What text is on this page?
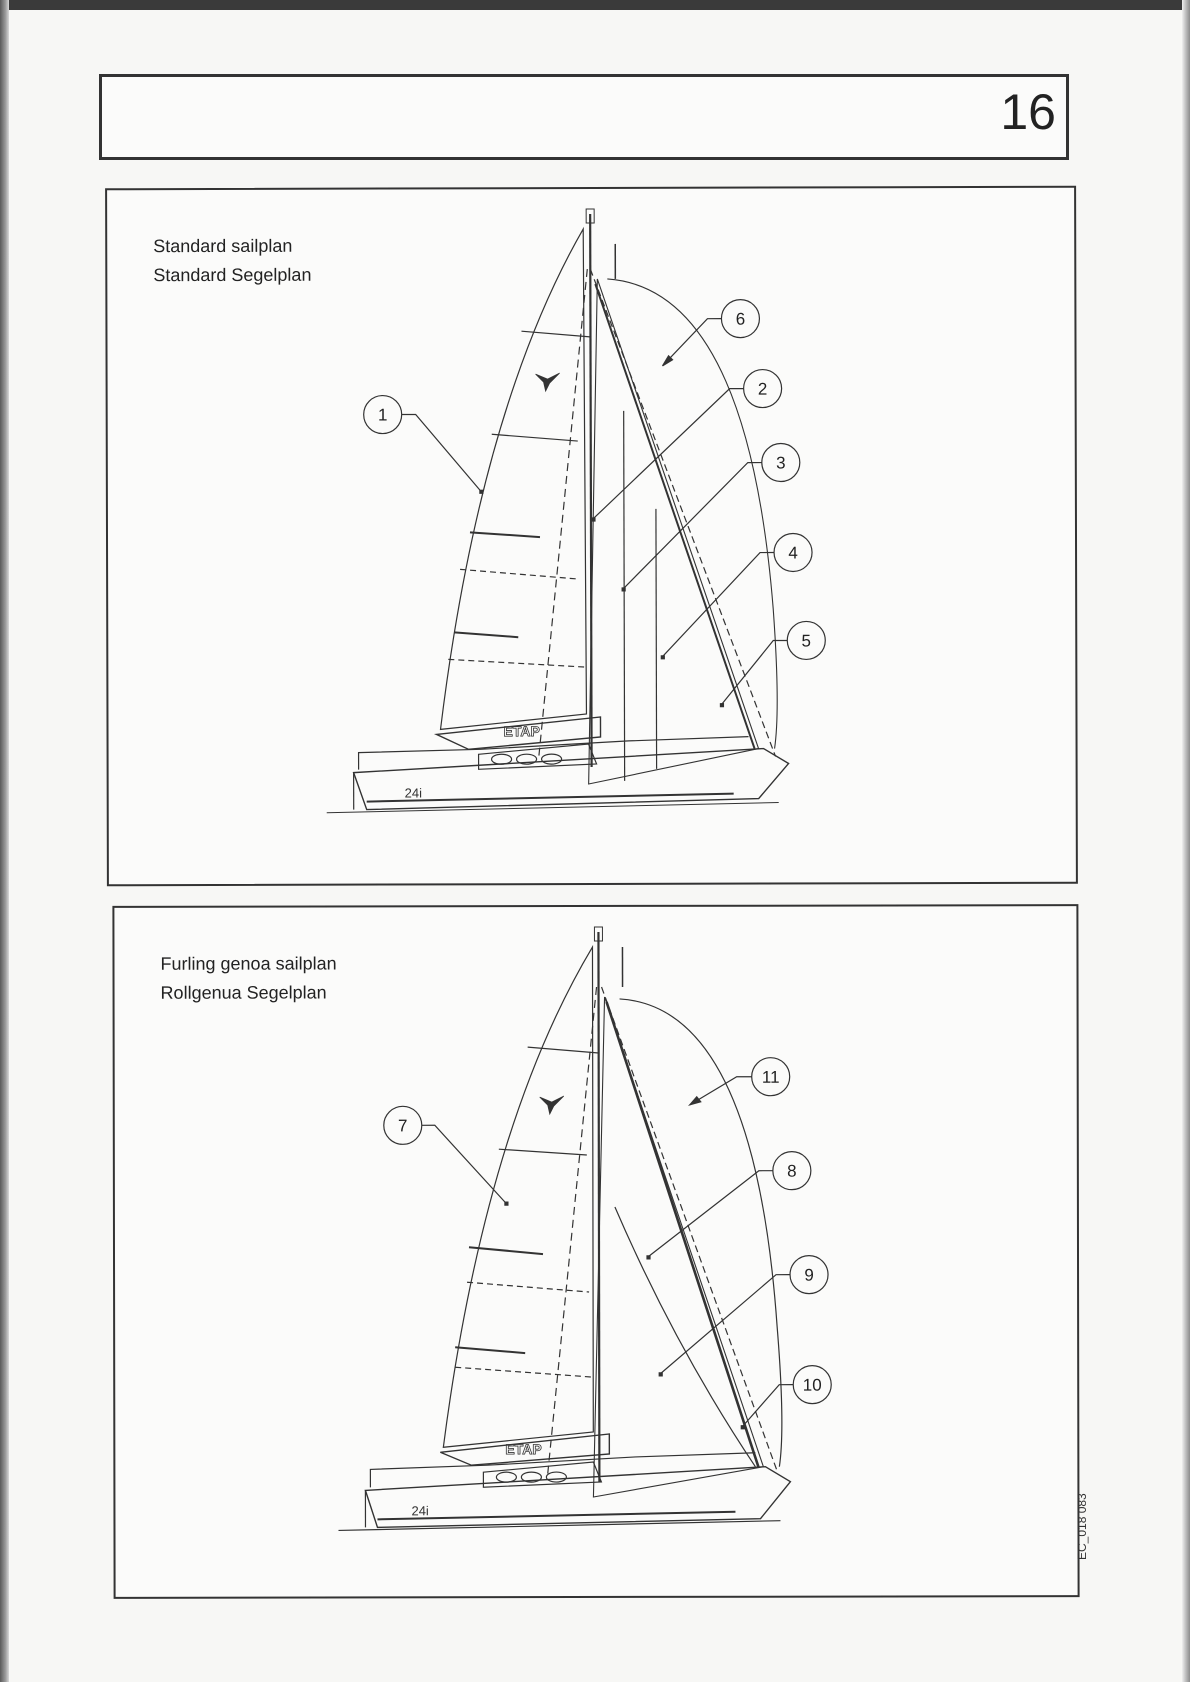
16
Standard sailplan
Standard Segelplan
ETAP
24i
1
2
3
4
5
6
Furling genoa sailplan
Rollgenua Segelplan
ETAP
24i
7
8
9
10
11
EC_018 083
